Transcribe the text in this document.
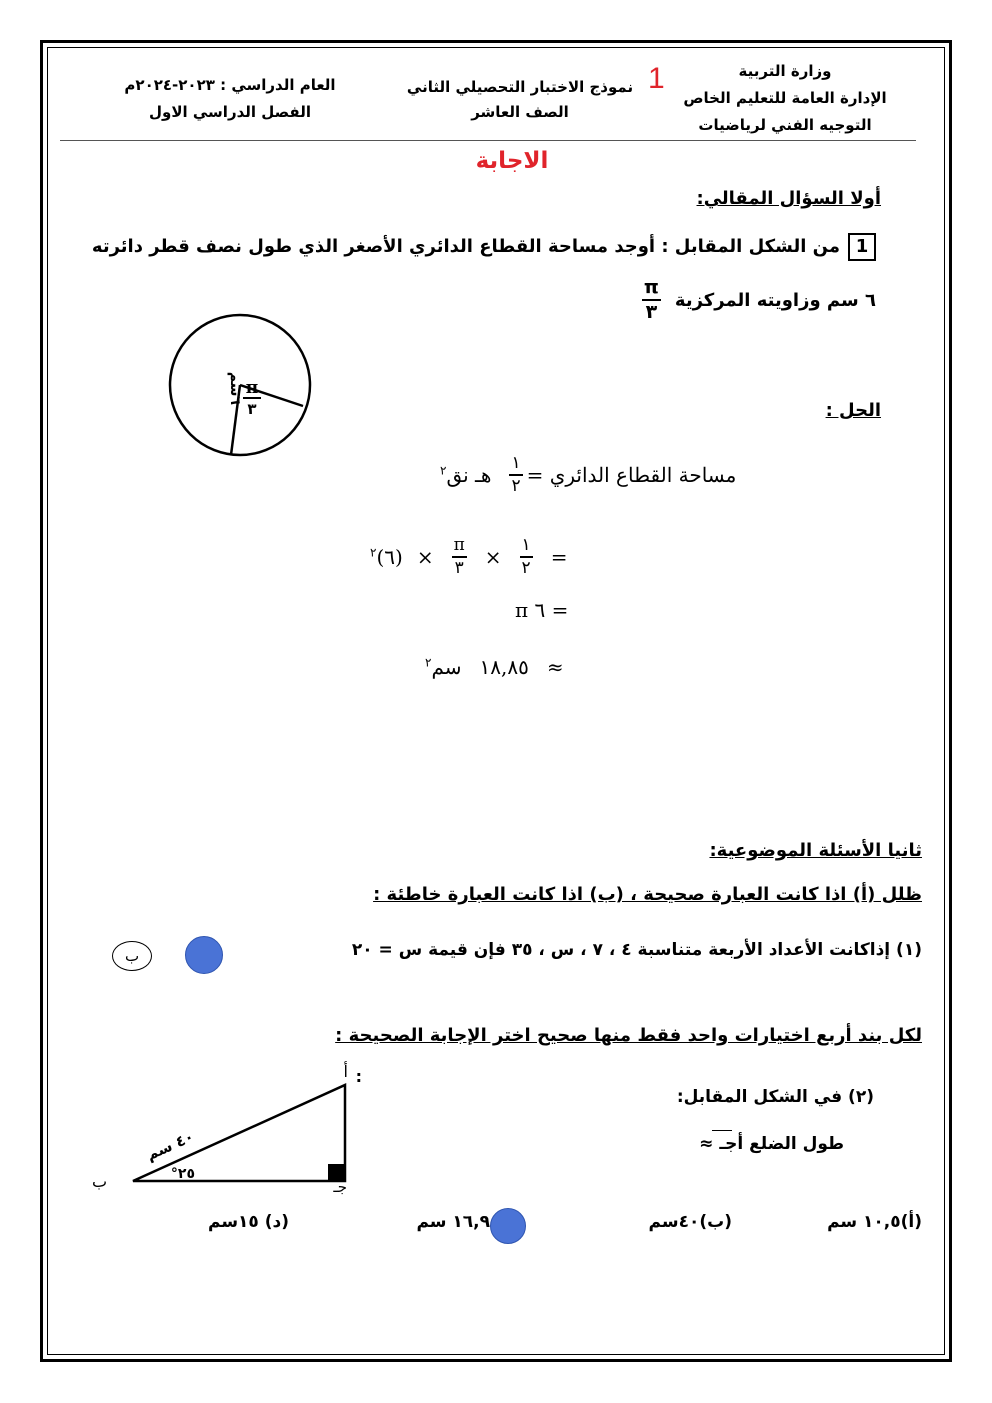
وزارة التربية
الإدارة العامة للتعليم الخاص
التوجيه الفني لرياضيات
1
نموذج الاختبار التحصيلي الثاني
الصف العاشر
العام الدراسي : ٢٠٢٣-٢٠٢٤م
الفصل الدراسي الاول
الاجابة
أولا السؤال المقالي:
1من الشكل المقابل : أوجد مساحة القطاع الدائري الأصغر الذي طول نصف قطر دائرته
٦ سم وزاويته المركزية
$\frac{\pi}{٣}$
٦سم
π
٣	الحل :
مساحة القطاع الدائري =
$\frac{١}{٢}$
هـ نق$^٢$
=
$\frac{١}{٢}$
×
$\frac{\pi}{٣}$
×
(٦)$^٢$
= ٦ π
≈
١٨,٨٥
سم$^٢$
ثانيا الأسئلة الموضوعية:
ظلل (أ) اذا كانت العبارة صحيحة ، (ب) اذا كانت العبارة خاطئة :
(١) إذاكانت الأعداد الأربعة متناسبة ٤ ، ٧ ، س ، ٣٥ فإن قيمة س = ٢٠
ب
لكل بند أربع اختيارات واحد فقط منها صحيح اختر الإجابة الصحيحة :
(٢) في الشكل المقابل:
طول الضلع أجـ ≈
٤٠ سم
٢٥°
أ :
ب	جـ
(أ)١٠,٥ سم
(ب)٤٠سم
١٦,٩ سم
(د) ١٥سم
